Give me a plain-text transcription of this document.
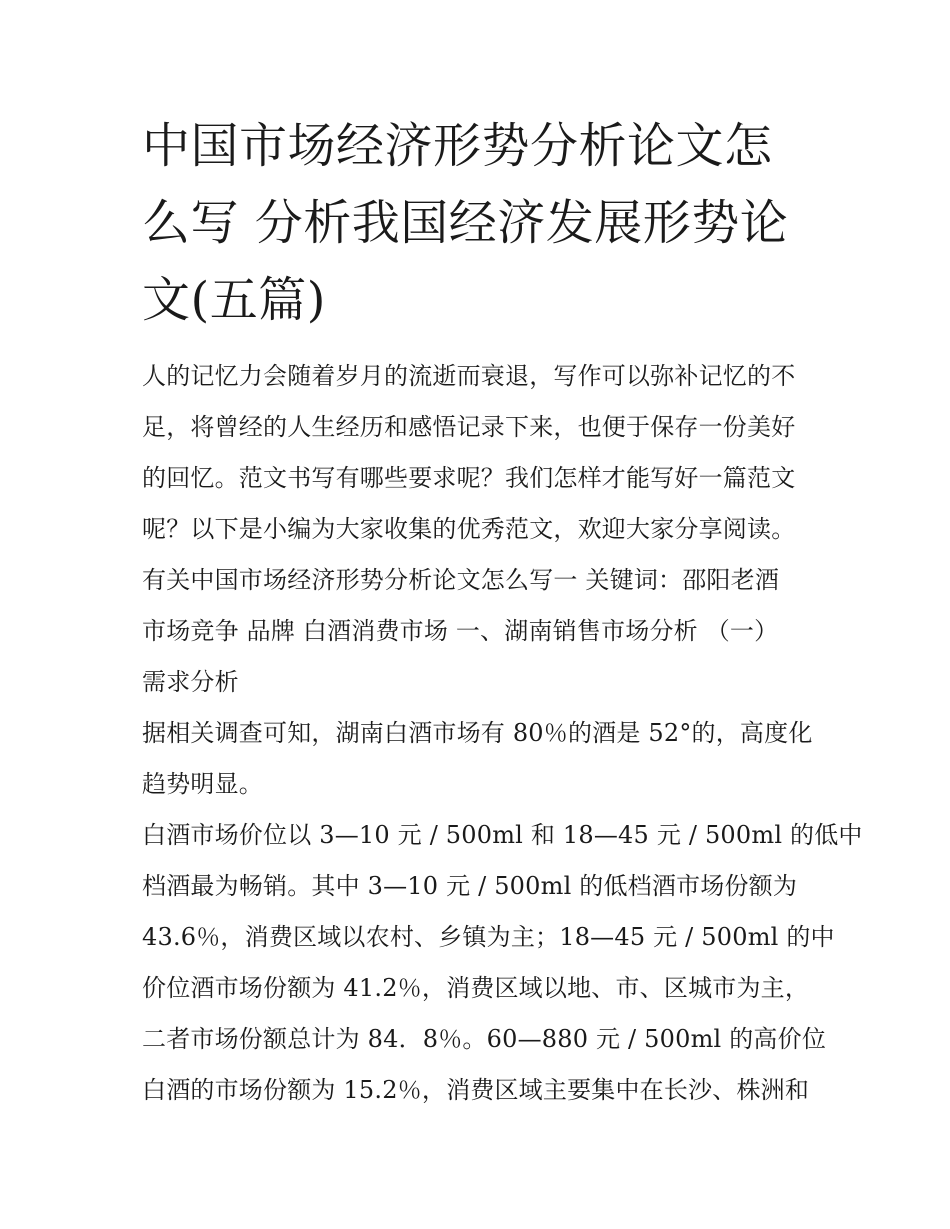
中国市场经济形势分析论文怎
么写 分析我国经济发展形势论
文(五篇)

人的记忆力会随着岁月的流逝而衰退，写作可以弥补记忆的不
足，将曾经的人生经历和感悟记录下来，也便于保存一份美好
的回忆。范文书写有哪些要求呢？我们怎样才能写好一篇范文
呢？以下是小编为大家收集的优秀范文，欢迎大家分享阅读。

有关中国市场经济形势分析论文怎么写一 关键词：邵阳老酒
市场竞争 品牌 白酒消费市场 一、湖南销售市场分析 （一）
需求分析

据相关调查可知，湖南白酒市场有 80％的酒是 52°的，高度化
趋势明显。

白酒市场价位以 3—10 元 / 500ml 和 18—45 元 / 500ml 的低中
档酒最为畅销。其中 3—10 元 / 500ml 的低档酒市场份额为
43.6％，消费区域以农村、乡镇为主；18—45 元 / 500ml 的中
价位酒市场份额为 41.2％，消费区域以地、市、区城市为主，
二者市场份额总计为 84．8％。60—880 元 / 500ml 的高价位
白酒的市场份额为 15.2％，消费区域主要集中在长沙、株洲和
